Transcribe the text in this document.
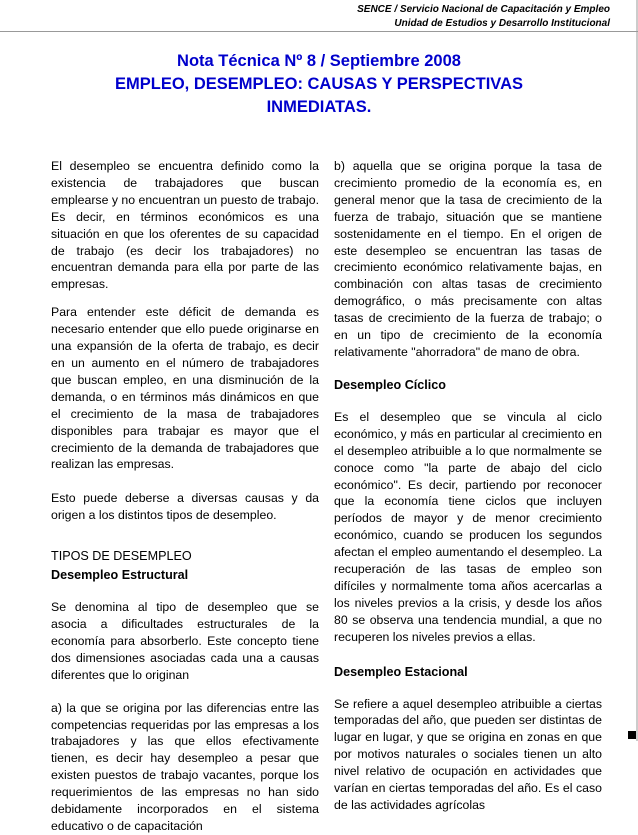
SENCE / Servicio Nacional de Capacitación y Empleo
Unidad de Estudios y Desarrollo Institucional
Nota Técnica Nº 8 / Septiembre 2008
EMPLEO, DESEMPLEO: CAUSAS Y PERSPECTIVAS
INMEDIATAS.

El desempleo se encuentra definido como la existencia de trabajadores que buscan emplearse y no encuentran un puesto de trabajo. Es decir, en términos económicos es una situación en que los oferentes de su capacidad de trabajo (es decir los trabajadores) no encuentran demanda para ella por parte de las empresas.

Para entender este déficit de demanda es necesario entender que ello puede originarse en una expansión de la oferta de trabajo, es decir en un aumento en el número de trabajadores que buscan empleo, en una disminución de la demanda, o en términos más dinámicos en que el crecimiento de la masa de trabajadores disponibles para trabajar es mayor que el crecimiento de la demanda de trabajadores que realizan las empresas.

Esto puede deberse a diversas causas y da origen a los distintos tipos de desempleo.

TIPOS DE DESEMPLEO
Desempleo Estructural

Se denomina al tipo de desempleo que se asocia a dificultades estructurales de la economía para absorberlo. Este concepto tiene dos dimensiones asociadas cada una a causas diferentes que lo originan

a) la que se origina por las diferencias entre las competencias requeridas por las empresas a los trabajadores y las que ellos efectivamente tienen, es decir hay desempleo a pesar que existen puestos de trabajo vacantes, porque los requerimientos de las empresas no han sido debidamente incorporados en el sistema educativo o de capacitación

b) aquella que se origina porque la tasa de crecimiento promedio de la economía es, en general menor que la tasa de crecimiento de la fuerza de trabajo, situación que se mantiene sostenidamente en el tiempo. En el origen de este desempleo se encuentran las tasas de crecimiento económico relativamente bajas, en combinación con altas tasas de crecimiento demográfico, o más precisamente con altas tasas de crecimiento de la fuerza de trabajo; o en un tipo de crecimiento de la economía relativamente "ahorradora" de mano de obra.

Desempleo Cíclico

Es el desempleo que se vincula al ciclo económico, y más en particular al crecimiento en el desempleo atribuible a lo que normalmente se conoce como "la parte de abajo del ciclo económico". Es decir, partiendo por reconocer que la economía tiene ciclos que incluyen períodos de mayor y de menor crecimiento económico, cuando se producen los segundos afectan el empleo aumentando el desempleo. La recuperación de las tasas de empleo son difíciles y normalmente toma años acercarlas a los niveles previos a la crisis, y desde los años 80 se observa una tendencia mundial, a que no recuperen los niveles previos a ellas.

Desempleo Estacional

Se refiere a aquel desempleo atribuible a ciertas temporadas del año, que pueden ser distintas de lugar en lugar, y que se origina en zonas en que por motivos naturales o sociales tienen un alto nivel relativo de ocupación en actividades que varían en ciertas temporadas del año. Es el caso de las actividades agrícolas
